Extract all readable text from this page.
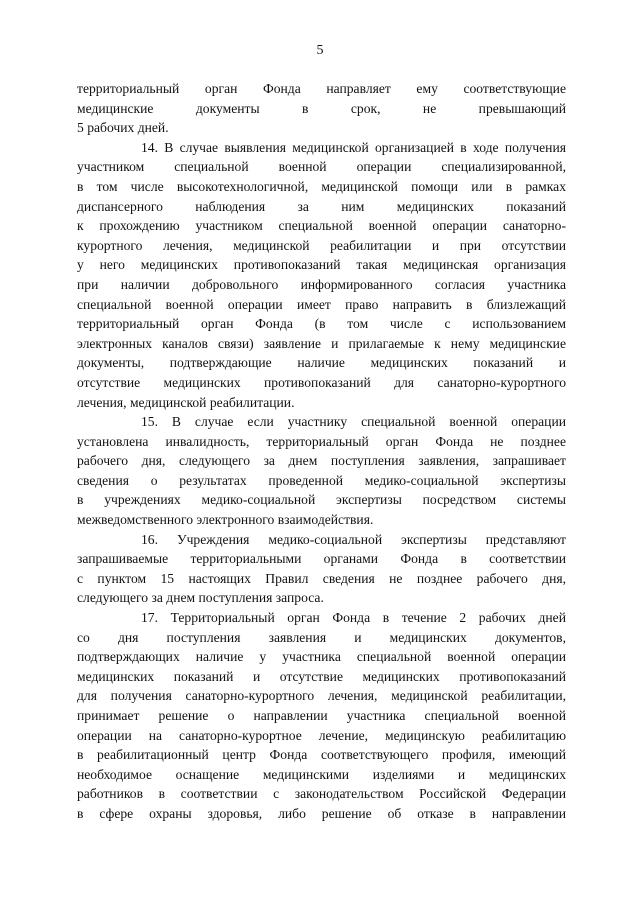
5
территориальный орган Фонда направляет ему соответствующие
медицинские документы в срок, не превышающий
5 рабочих дней.
14. В случае выявления медицинской организацией в ходе получения
участником специальной военной операции специализированной,
в том числе высокотехнологичной, медицинской помощи или в рамках
диспансерного наблюдения за ним медицинских показаний
к прохождению участником специальной военной операции санаторно-
курортного лечения, медицинской реабилитации и при отсутствии
у него медицинских противопоказаний такая медицинская организация
при наличии добровольного информированного согласия участника
специальной военной операции имеет право направить в близлежащий
территориальный орган Фонда (в том числе с использованием
электронных каналов связи) заявление и прилагаемые к нему медицинские
документы, подтверждающие наличие медицинских показаний и
отсутствие медицинских противопоказаний для санаторно-курортного
лечения, медицинской реабилитации.
15. В случае если участнику специальной военной операции
установлена инвалидность, территориальный орган Фонда не позднее
рабочего дня, следующего за днем поступления заявления, запрашивает
сведения о результатах проведенной медико-социальной экспертизы
в учреждениях медико-социальной экспертизы посредством системы
межведомственного электронного взаимодействия.
16. Учреждения медико-социальной экспертизы представляют
запрашиваемые территориальными органами Фонда в соответствии
с пунктом 15 настоящих Правил сведения не позднее рабочего дня,
следующего за днем поступления запроса.
17. Территориальный орган Фонда в течение 2 рабочих дней
со дня поступления заявления и медицинских документов,
подтверждающих наличие у участника специальной военной операции
медицинских показаний и отсутствие медицинских противопоказаний
для получения санаторно-курортного лечения, медицинской реабилитации,
принимает решение о направлении участника специальной военной
операции на санаторно-курортное лечение, медицинскую реабилитацию
в реабилитационный центр Фонда соответствующего профиля, имеющий
необходимое оснащение медицинскими изделиями и медицинских
работников в соответствии с законодательством Российской Федерации
в сфере охраны здоровья, либо решение об отказе в направлении
